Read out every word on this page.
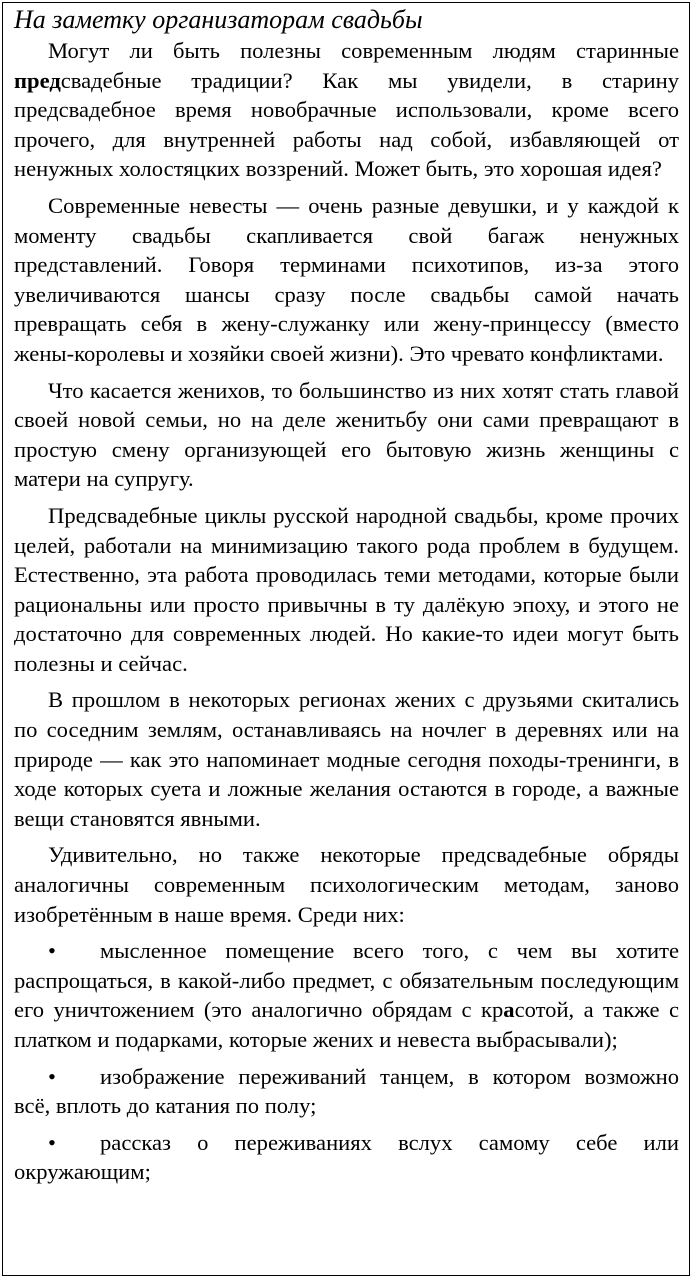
На заметку организаторам свадьбы

Могут ли быть полезны современным людям старинные предсвадебные традиции? Как мы увидели, в старину предсвадебное время новобрачные использовали, кроме всего прочего, для внутренней работы над собой, избавляющей от ненужных холостяцких воззрений. Может быть, это хорошая идея?

Современные невесты — очень разные девушки, и у каждой к моменту свадьбы скапливается свой багаж ненужных представлений. Говоря терминами психотипов, из-за этого увеличиваются шансы сразу после свадьбы самой начать превращать себя в жену-служанку или жену-принцессу (вместо жены-королевы и хозяйки своей жизни). Это чревато конфликтами.

Что касается женихов, то большинство из них хотят стать главой своей новой семьи, но на деле женитьбу они сами превращают в простую смену организующей его бытовую жизнь женщины с матери на супругу.

Предсвадебные циклы русской народной свадьбы, кроме прочих целей, работали на минимизацию такого рода проблем в будущем. Естественно, эта работа проводилась теми методами, которые были рациональны или просто привычны в ту далёкую эпоху, и этого не достаточно для современных людей. Но какие-то идеи могут быть полезны и сейчас.

В прошлом в некоторых регионах жених с друзьями скитались по соседним землям, останавливаясь на ночлег в деревнях или на природе — как это напоминает модные сегодня походы-тренинги, в ходе которых суета и ложные желания остаются в городе, а важные вещи становятся явными.

Удивительно, но также некоторые предсвадебные обряды аналогичны современным психологическим методам, заново изобретённым в наше время. Среди них:

• мысленное помещение всего того, с чем вы хотите распрощаться, в какой-либо предмет, с обязательным последующим его уничтожением (это аналогично обрядам с красотой, а также с платком и подарками, которые жених и невеста выбрасывали);

• изображение переживаний танцем, в котором возможно всё, вплоть до катания по полу;

• рассказ о переживаниях вслух самому себе или окружающим;
